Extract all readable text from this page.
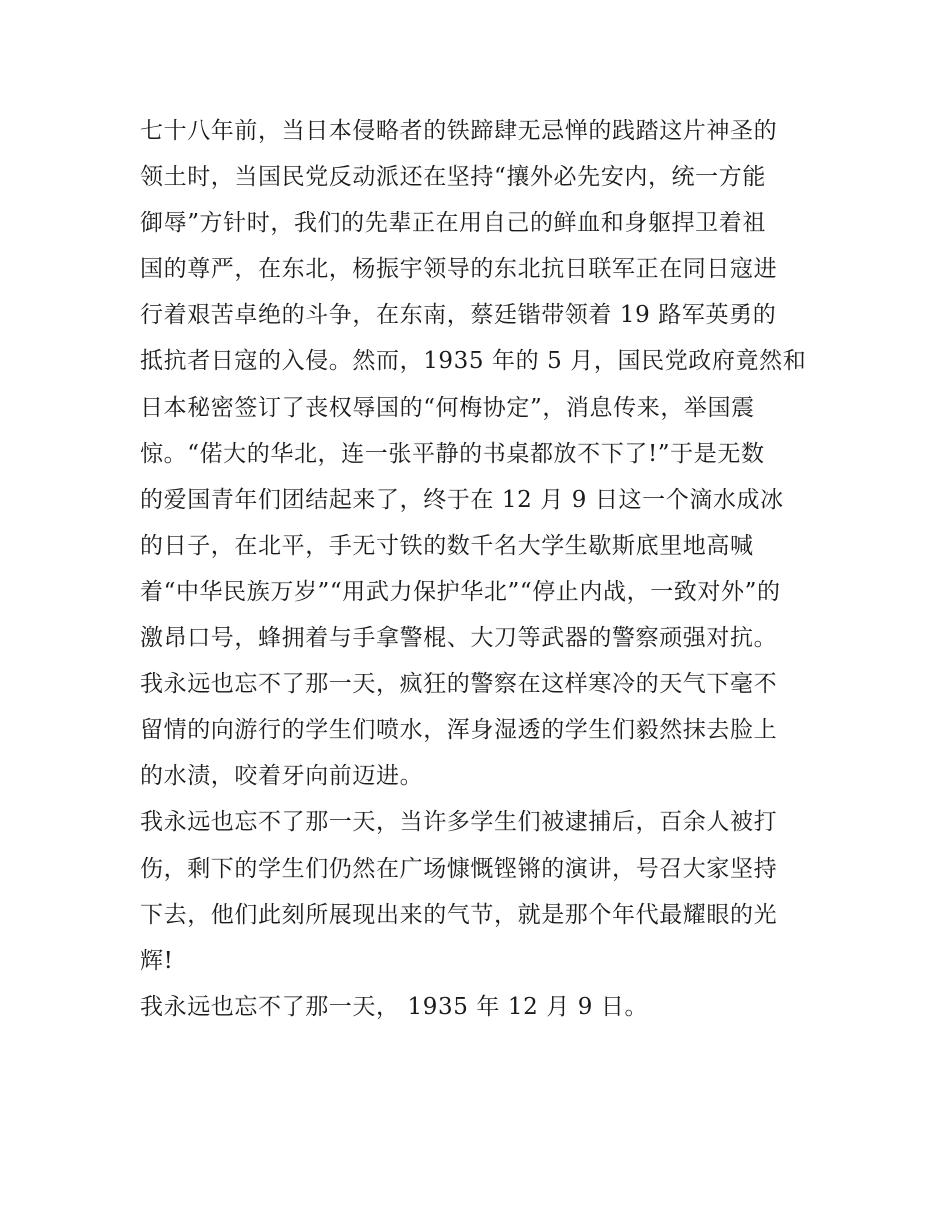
七十八年前，当日本侵略者的铁蹄肆无忌惮的践踏这片神圣的
领土时，当国民党反动派还在坚持“攘外必先安内，统一方能
御辱”方针时，我们的先辈正在用自己的鲜血和身躯捍卫着祖
国的尊严，在东北，杨振宇领导的东北抗日联军正在同日寇进
行着艰苦卓绝的斗争，在东南，蔡廷锴带领着 19 路军英勇的
抵抗者日寇的入侵。然而，1935 年的 5 月，国民党政府竟然和
日本秘密签订了丧权辱国的“何梅协定”，消息传来，举国震
惊。“偌大的华北，连一张平静的书桌都放不下了!”于是无数
的爱国青年们团结起来了，终于在 12 月 9 日这一个滴水成冰
的日子，在北平，手无寸铁的数千名大学生歇斯底里地高喊
着“中华民族万岁”“用武力保护华北”“停止内战，一致对外”的
激昂口号，蜂拥着与手拿警棍、大刀等武器的警察顽强对抗。
我永远也忘不了那一天，疯狂的警察在这样寒冷的天气下毫不
留情的向游行的学生们喷水，浑身湿透的学生们毅然抹去脸上
的水渍，咬着牙向前迈进。
我永远也忘不了那一天，当许多学生们被逮捕后，百余人被打
伤，剩下的学生们仍然在广场慷慨铿锵的演讲，号召大家坚持
下去，他们此刻所展现出来的气节，就是那个年代最耀眼的光
辉!
我永远也忘不了那一天， 1935 年 12 月 9 日。
